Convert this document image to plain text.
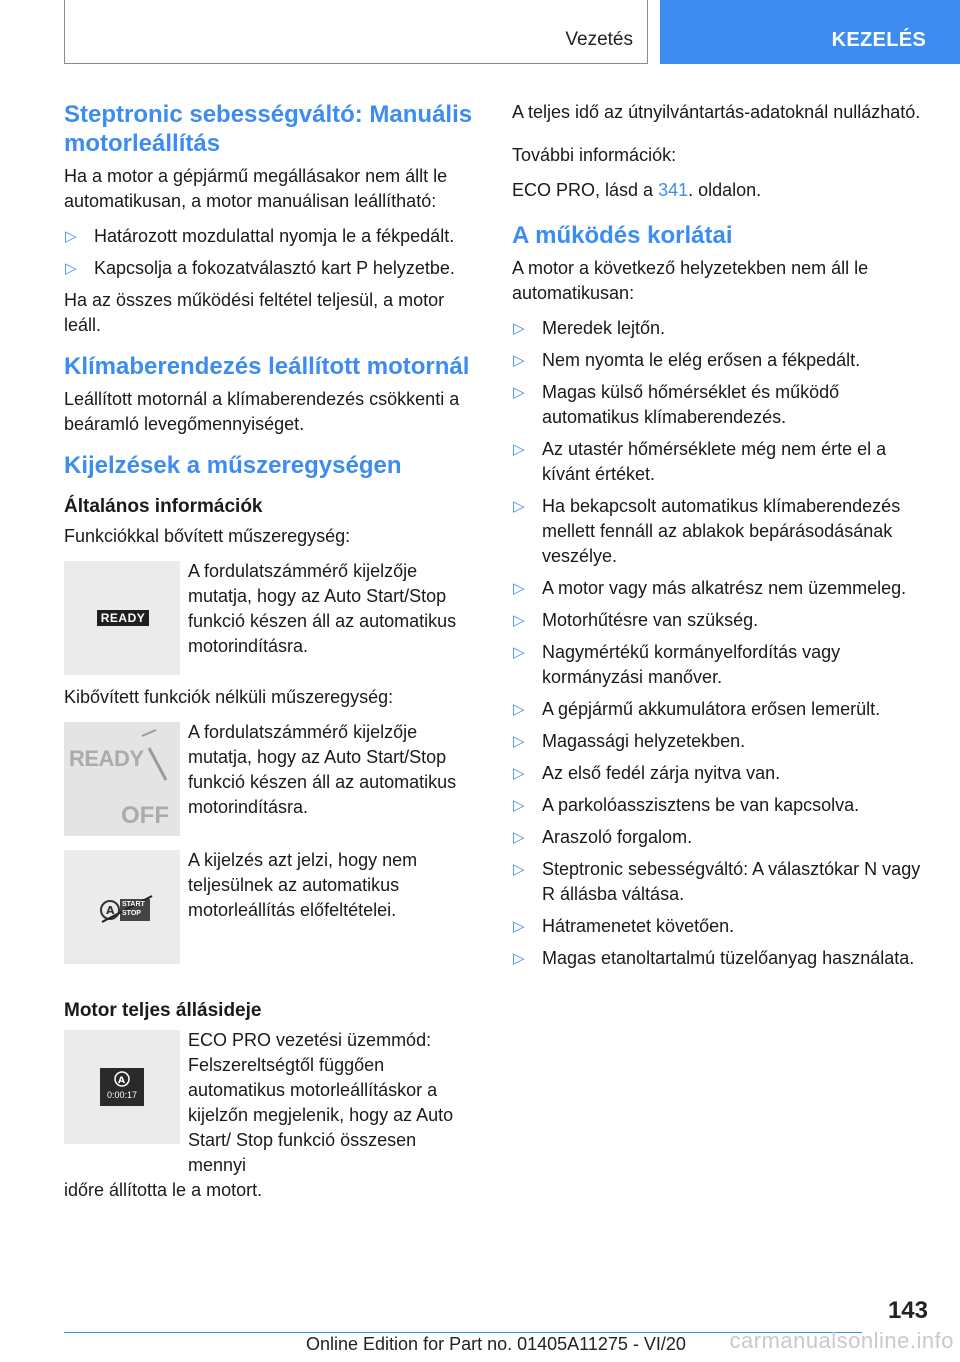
Vezetés	KEZELÉS
Steptronic sebességváltó: Manuális motorleállítás

Ha a motor a gépjármű megállásakor nem állt le automatikusan, a motor manuálisan leállítható:

▷ Határozott mozdulattal nyomja le a fékpedált.
▷ Kapcsolja a fokozatválasztó kart P helyzetbe.

Ha az összes működési feltétel teljesül, a motor leáll.

Klímaberendezés leállított motornál

Leállított motornál a klímaberendezés csökkenti a beáramló levegőmennyiséget.

Kijelzések a műszeregységen
Általános információk

Funkciókkal bővített műszeregység:

READY
A fordulatszámmérő kijelzője mutatja, hogy az Auto Start/Stop funkció készen áll az automatikus motorindításra.

Kibővített funkciók nélküli műszeregység:

READY
OFF
A fordulatszámmérő kijelzője mutatja, hogy az Auto Start/Stop funkció készen áll az automatikus motorindításra.
A START
STOP
A kijelzés azt jelzi, hogy nem teljesülnek az automatikus motorleállítás előfeltételei.
Motor teljes állásideje
A
0:00:17
ECO PRO vezetési üzemmód: Felszereltségtől függően automatikus motorleállításkor a kijelzőn megjelenik, hogy az Auto Start/ Stop funkció összesen mennyi

időre állította le a motort.

A teljes idő az útnyilvántartás-adatoknál nullázható.

További információk:

ECO PRO, lásd a 341. oldalon.

A működés korlátai

A motor a következő helyzetekben nem áll le automatikusan:

▷ Meredek lejtőn.
▷ Nem nyomta le elég erősen a fékpedált.
▷ Magas külső hőmérséklet és működő automatikus klímaberendezés.
▷ Az utastér hőmérséklete még nem érte el a kívánt értéket.
▷ Ha bekapcsolt automatikus klímaberendezés mellett fennáll az ablakok bepárásodásának veszélye.
▷ A motor vagy más alkatrész nem üzemmeleg.
▷ Motorhűtésre van szükség.
▷ Nagymértékű kormányelfordítás vagy kormányzási manőver.
▷ A gépjármű akkumulátora erősen lemerült.
▷ Magassági helyzetekben.
▷ Az első fedél zárja nyitva van.
▷ A parkolóasszisztens be van kapcsolva.
▷ Araszoló forgalom.
▷ Steptronic sebességváltó: A választókar N vagy R állásba váltása.
▷ Hátramenetet követően.
▷ Magas etanoltartalmú tüzelőanyag használata.
143
Online Edition for Part no. 01405A11275 - VI/20 carmanualsonline.info
